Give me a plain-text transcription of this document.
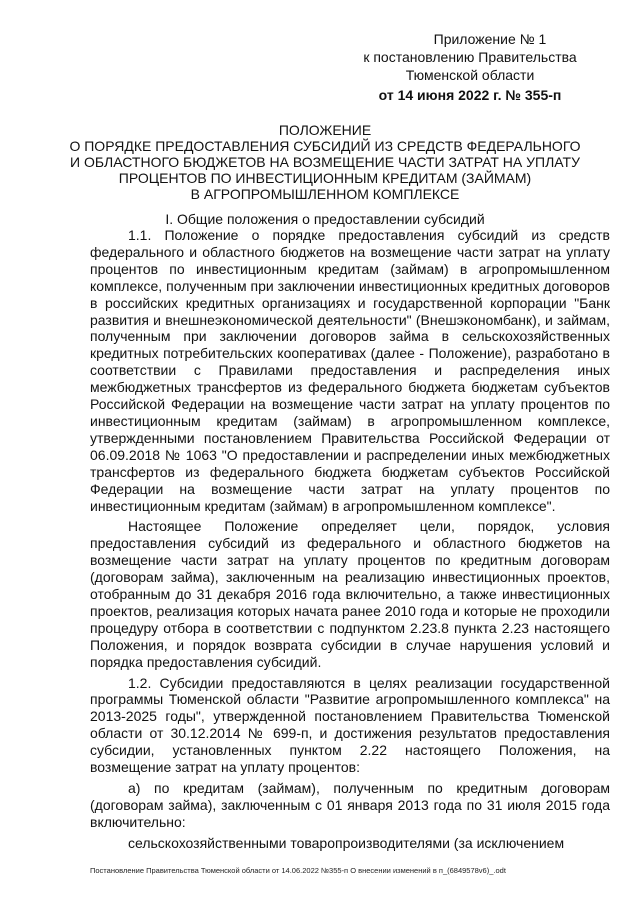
Приложение № 1
к постановлению Правительства
Тюменской области
от 14 июня 2022 г. № 355-п
ПОЛОЖЕНИЕ
О ПОРЯДКЕ ПРЕДОСТАВЛЕНИЯ СУБСИДИЙ ИЗ СРЕДСТВ ФЕДЕРАЛЬНОГО
И ОБЛАСТНОГО БЮДЖЕТОВ НА ВОЗМЕЩЕНИЕ ЧАСТИ ЗАТРАТ НА УПЛАТУ
ПРОЦЕНТОВ ПО ИНВЕСТИЦИОННЫМ КРЕДИТАМ (ЗАЙМАМ)
В АГРОПРОМЫШЛЕННОМ КОМПЛЕКСЕ
I. Общие положения о предоставлении субсидий

1.1. Положение о порядке предоставления субсидий из средств федерального и областного бюджетов на возмещение части затрат на уплату процентов по инвестиционным кредитам (займам) в агропромышленном комплексе, полученным при заключении инвестиционных кредитных договоров в российских кредитных организациях и государственной корпорации "Банк развития и внешнеэкономической деятельности" (Внешэкономбанк), и займам, полученным при заключении договоров займа в сельскохозяйственных кредитных потребительских кооперативах (далее - Положение), разработано в соответствии с Правилами предоставления и распределения иных межбюджетных трансфертов из федерального бюджета бюджетам субъектов Российской Федерации на возмещение части затрат на уплату процентов по инвестиционным кредитам (займам) в агропромышленном комплексе, утвержденными постановлением Правительства Российской Федерации от 06.09.2018 № 1063 "О предоставлении и распределении иных межбюджетных трансфертов из федерального бюджета бюджетам субъектов Российской Федерации на возмещение части затрат на уплату процентов по инвестиционным кредитам (займам) в агропромышленном комплексе".

Настоящее Положение определяет цели, порядок, условия предоставления субсидий из федерального и областного бюджетов на возмещение части затрат на уплату процентов по кредитным договорам (договорам займа), заключенным на реализацию инвестиционных проектов, отобранным до 31 декабря 2016 года включительно, а также инвестиционных проектов, реализация которых начата ранее 2010 года и которые не проходили процедуру отбора в соответствии с подпунктом 2.23.8 пункта 2.23 настоящего Положения, и порядок возврата субсидии в случае нарушения условий и порядка предоставления субсидий.

1.2. Субсидии предоставляются в целях реализации государственной программы Тюменской области "Развитие агропромышленного комплекса" на 2013-2025 годы", утвержденной постановлением Правительства Тюменской области от 30.12.2014 № 699-п, и достижения результатов предоставления субсидии, установленных пунктом 2.22 настоящего Положения, на возмещение затрат на уплату процентов:

а) по кредитам (займам), полученным по кредитным договорам (договорам займа), заключенным с 01 января 2013 года по 31 июля 2015 года включительно:

сельскохозяйственными товаропроизводителями (за исключением

Постановление Правительства Тюменской области от 14.06.2022 №355-п О внесении изменений в п_(6849578v6)_.odt
